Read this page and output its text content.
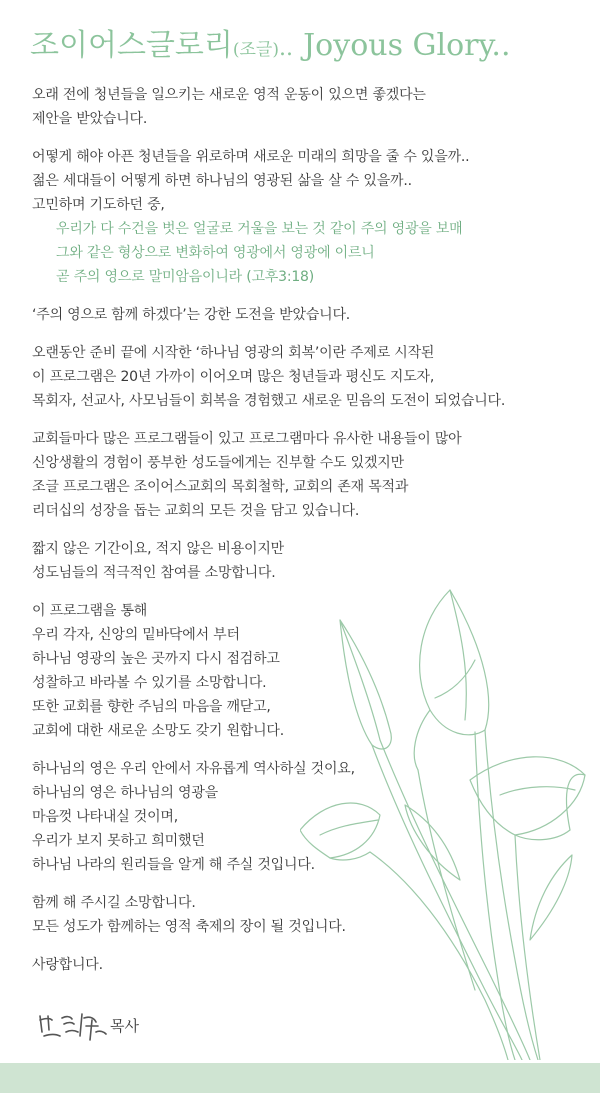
조이어스글로리(조글).. Joyous Glory..

오래 전에 청년들을 일으키는 새로운 영적 운동이 있으면 좋겠다는
제안을 받았습니다.

어떻게 해야 아픈 청년들을 위로하며 새로운 미래의 희망을 줄 수 있을까..
젊은 세대들이 어떻게 하면 하나님의 영광된 삶을 살 수 있을까..
고민하며 기도하던 중,
우리가 다 수건을 벗은 얼굴로 거울을 보는 것 같이 주의 영광을 보매
그와 같은 형상으로 변화하여 영광에서 영광에 이르니
곧 주의 영으로 말미암음이니라 (고후3:18)

‘주의 영으로 함께 하겠다’는 강한 도전을 받았습니다.

오랜동안 준비 끝에 시작한 ‘하나님 영광의 회복’이란 주제로 시작된
이 프로그램은 20년 가까이 이어오며 많은 청년들과 평신도 지도자,
목회자, 선교사, 사모님들이 회복을 경험했고 새로운 믿음의 도전이 되었습니다.

교회들마다 많은 프로그램들이 있고 프로그램마다 유사한 내용들이 많아
신앙생활의 경험이 풍부한 성도들에게는 진부할 수도 있겠지만
조글 프로그램은 조이어스교회의 목회철학, 교회의 존재 목적과
리더십의 성장을 돕는 교회의 모든 것을 담고 있습니다.

짧지 않은 기간이요, 적지 않은 비용이지만
성도님들의 적극적인 참여를 소망합니다.

이 프로그램을 통해
우리 각자, 신앙의 밑바닥에서 부터
하나님 영광의 높은 곳까지 다시 점검하고
성찰하고 바라볼 수 있기를 소망합니다.
또한 교회를 향한 주님의 마음을 깨닫고,
교회에 대한 새로운 소망도 갖기 원합니다.

하나님의 영은 우리 안에서 자유롭게 역사하실 것이요,
하나님의 영은 하나님의 영광을
마음껏 나타내실 것이며,
우리가 보지 못하고 희미했던
하나님 나라의 원리들을 알게 해 주실 것입니다.

함께 해 주시길 소망합니다.
모든 성도가 함께하는 영적 축제의 장이 될 것입니다.

사랑합니다.

목사
